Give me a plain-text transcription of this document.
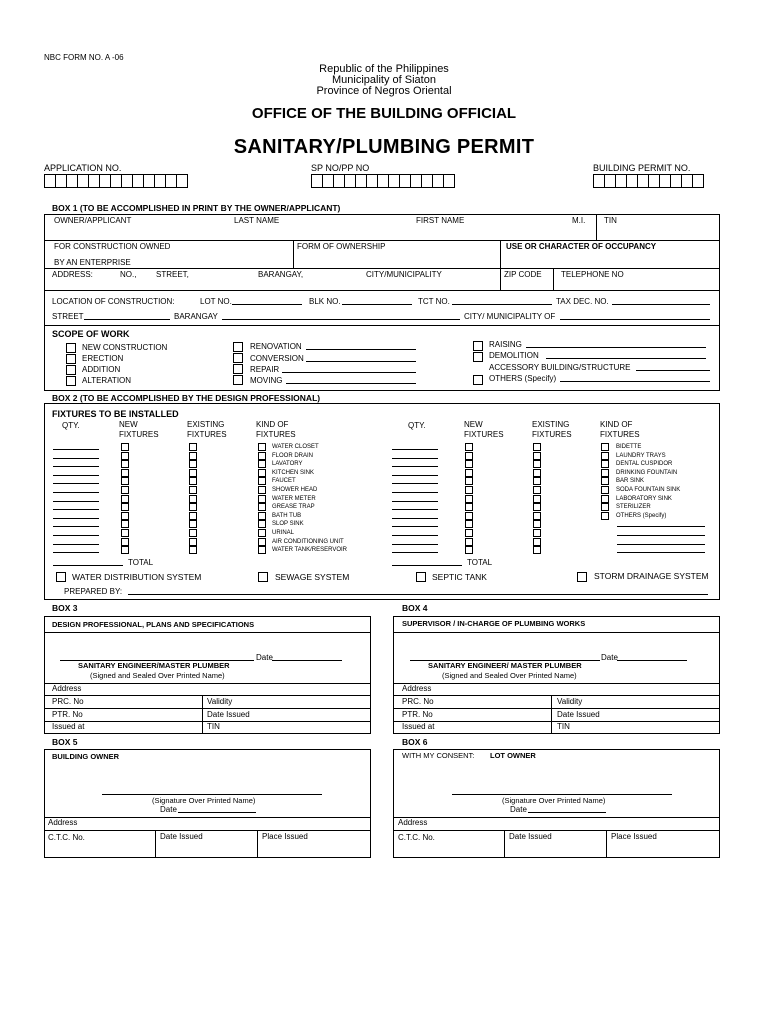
NBC FORM NO. A -06
Republic of the Philippines
Municipality of Siaton
Province of Negros Oriental
OFFICE OF THE BUILDING OFFICIAL
SANITARY/PLUMBING PERMIT
APPLICATION NO.	SP NO/PP NO	BUILDING PERMIT NO.
BOX 1 (TO BE ACCOMPLISHED IN PRINT BY THE OWNER/APPLICANT)
OWNER/APPLICANT	LAST NAME	FIRST NAME	M.I. TIN
FOR CONSTRUCTION OWNED
BY AN ENTERPRISE
FORM OF OWNERSHIP	USE OR CHARACTER OF OCCUPANCY
ADDRESS:	NO., STREET,	BARANGAY,	CITY/MUNICIPALITY	ZIP CODE TELEPHONE NO
LOCATION OF CONSTRUCTION:	LOT NO.	BLK NO.	TCT NO.	TAX DEC. NO.
STREET	BARANGAY	CITY/ MUNICIPALITY OF
SCOPE OF WORK
NEW CONSTRUCTION
ERECTION
ADDITION
ALTERATION
RENOVATION
CONVERSION
REPAIR
MOVING
RAISING
DEMOLITION
ACCESSORY BUILDING/STRUCTURE
OTHERS (Specify)
BOX 2 (TO BE ACCOMPLISHED BY THE DESIGN PROFESSIONAL)
FIXTURES TO BE INSTALLED
QTY.	NEW
FIXTURES
EXISTING
FIXTURES
KIND OF
FIXTURES
QTY.	NEW
FIXTURES
EXISTING
FIXTURES
KIND OF
FIXTURES
WATER CLOSET	BIDETTE
FLOOR DRAIN	LAUNDRY TRAYS
LAVATORY	DENTAL CUSPIDOR
KITCHEN SINK	DRINKING FOUNTAIN
FAUCET	BAR SINK
SHOWER HEAD	SODA FOUNTAIN SINK
WATER METER	LABORATORY SINK
GREASE TRAP	STERILIZER
BATH TUB	OTHERS (Specify)
SLOP SINK
URINAL
AIR CONDITIONING UNIT
WATER TANK/RESERVOIR
TOTAL	TOTAL
WATER DISTRIBUTION SYSTEM	SEWAGE SYSTEM	SEPTIC TANK	STORM DRAINAGE SYSTEM
PREPARED BY:
BOX 3
DESIGN PROFESSIONAL, PLANS AND SPECIFICATIONS
Date
SANITARY ENGINEER/MASTER PLUMBER
(Signed and Sealed Over Printed Name)
Address
PRC. No	Validity
PTR. No	Date Issued
Issued at	TIN
BOX 4
SUPERVISOR / IN-CHARGE OF PLUMBING WORKS
Date
SANITARY ENGINEER/ MASTER PLUMBER
(Signed and Sealed Over Printed Name)
Address
PRC. No	Validity
PTR. No	Date Issued
Issued at	TIN
BOX 5
BUILDING OWNER
(Signature Over Printed Name)
Date
Address
C.T.C. No.	Date Issued	Place Issued
BOX 6
WITH MY CONSENT: LOT OWNER
(Signature Over Printed Name)
Date
Address
C.T.C. No.	Date Issued	Place Issued
